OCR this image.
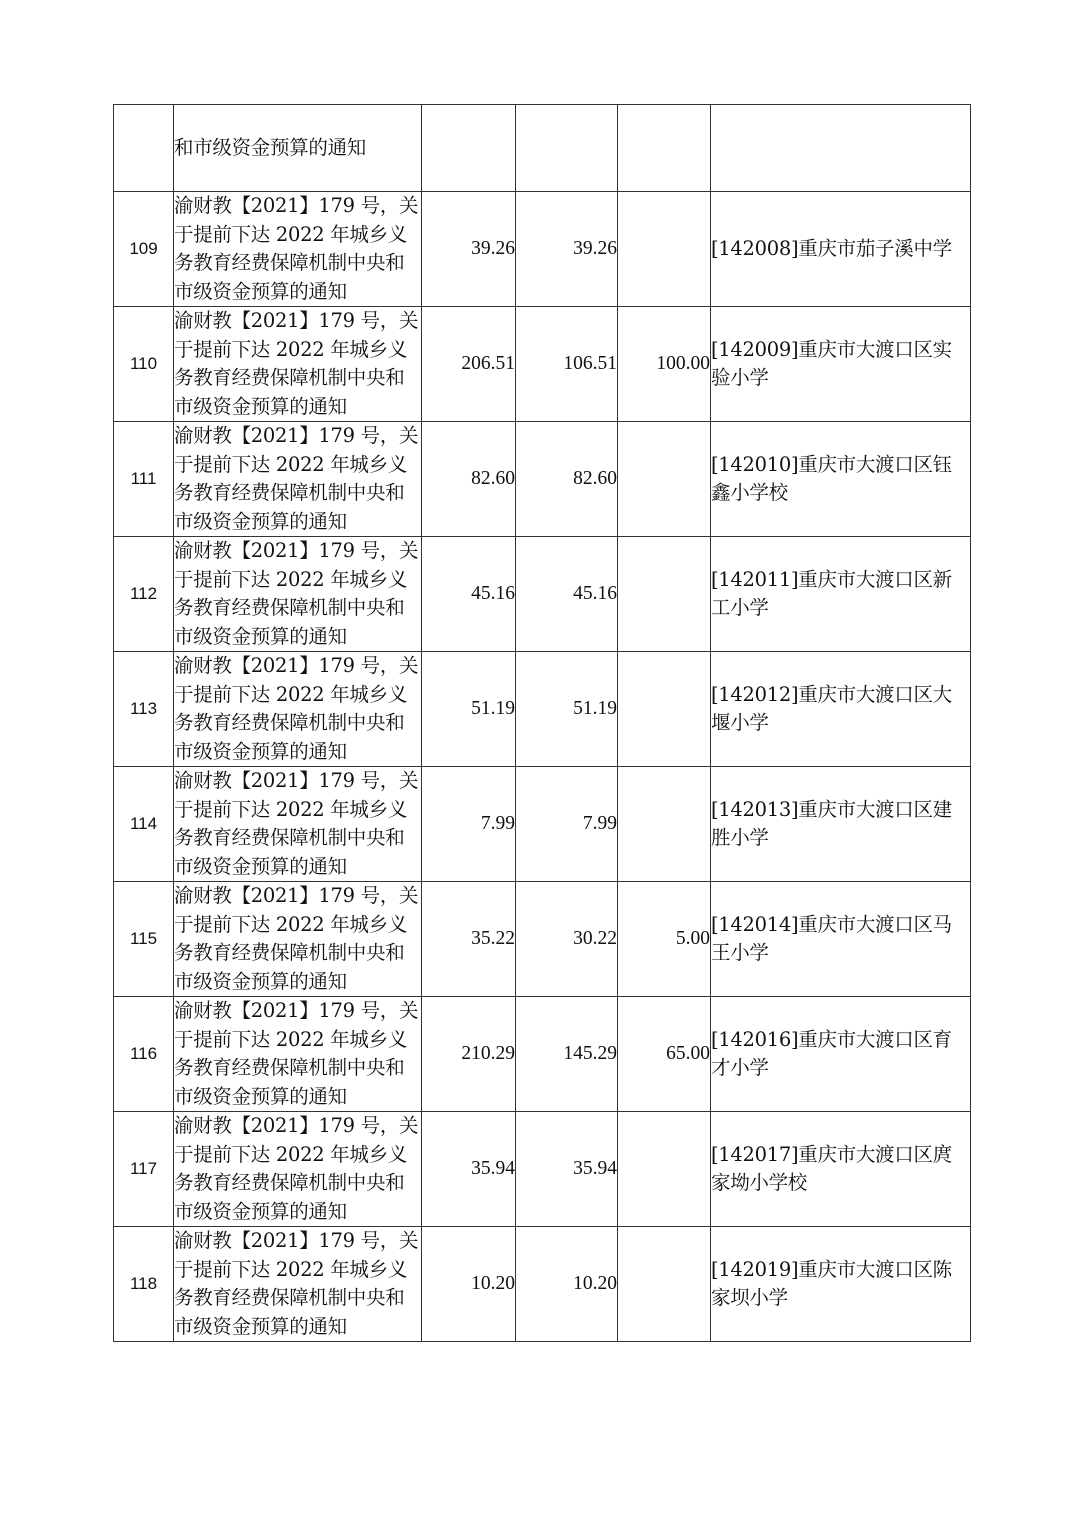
	和市级资金预算的通知				
109	渝财教【2021】179 号，关于提前下达 2022 年城乡义务教育经费保障机制中央和市级资金预算的通知	39.26	39.26		[142008]重庆市茄子溪中学
110	渝财教【2021】179 号，关于提前下达 2022 年城乡义务教育经费保障机制中央和市级资金预算的通知	206.51	106.51	100.00	[142009]重庆市大渡口区实验小学
111	渝财教【2021】179 号，关于提前下达 2022 年城乡义务教育经费保障机制中央和市级资金预算的通知	82.60	82.60		[142010]重庆市大渡口区钰鑫小学校
112	渝财教【2021】179 号，关于提前下达 2022 年城乡义务教育经费保障机制中央和市级资金预算的通知	45.16	45.16		[142011]重庆市大渡口区新工小学
113	渝财教【2021】179 号，关于提前下达 2022 年城乡义务教育经费保障机制中央和市级资金预算的通知	51.19	51.19		[142012]重庆市大渡口区大堰小学
114	渝财教【2021】179 号，关于提前下达 2022 年城乡义务教育经费保障机制中央和市级资金预算的通知	7.99	7.99		[142013]重庆市大渡口区建胜小学
115	渝财教【2021】179 号，关于提前下达 2022 年城乡义务教育经费保障机制中央和市级资金预算的通知	35.22	30.22	5.00	[142014]重庆市大渡口区马王小学
116	渝财教【2021】179 号，关于提前下达 2022 年城乡义务教育经费保障机制中央和市级资金预算的通知	210.29	145.29	65.00	[142016]重庆市大渡口区育才小学
117	渝财教【2021】179 号，关于提前下达 2022 年城乡义务教育经费保障机制中央和市级资金预算的通知	35.94	35.94		[142017]重庆市大渡口区庹家坳小学校
118	渝财教【2021】179 号，关于提前下达 2022 年城乡义务教育经费保障机制中央和市级资金预算的通知	10.20	10.20		[142019]重庆市大渡口区陈家坝小学
